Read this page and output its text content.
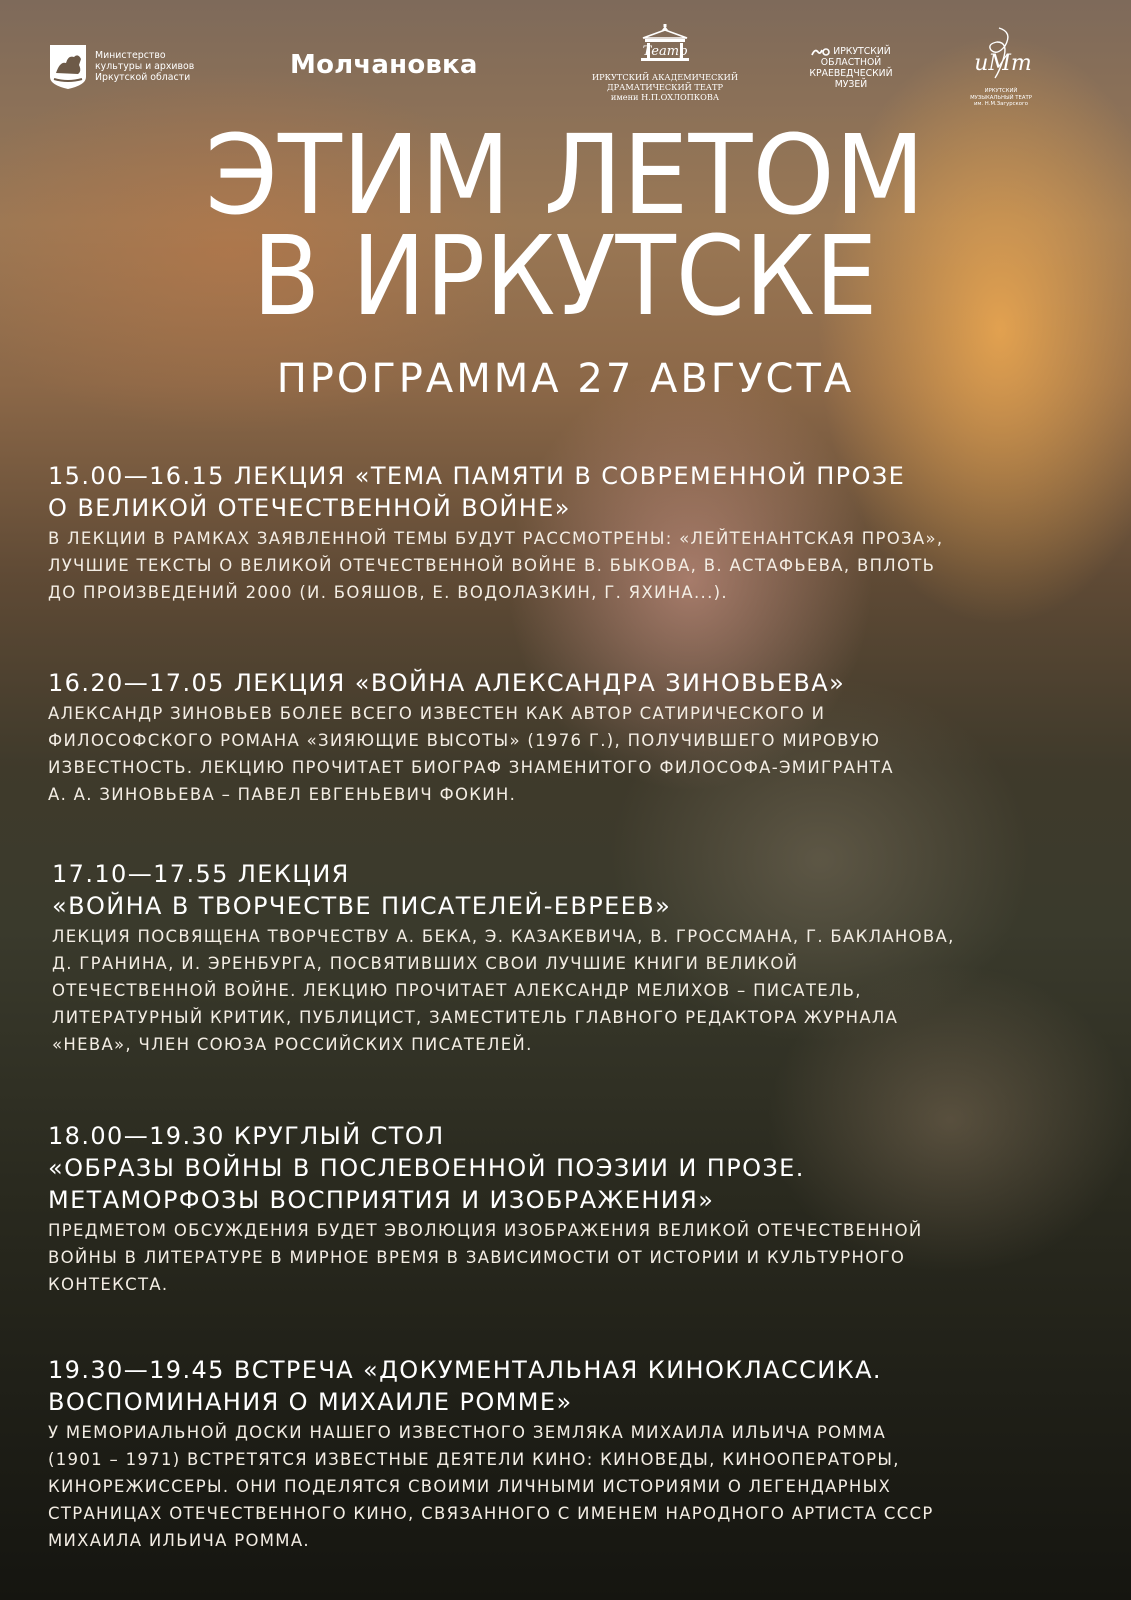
Министерство
культуры и архивов
Иркутской области	Молчановка	Театр
ИРКУТСКИЙ АКАДЕМИЧЕСКИЙ
ДРАМАТИЧЕСКИЙ ТЕАТР
имени Н.П.ОХЛОПКОВА
ИРКУТСКИЙ
ОБЛАСТНОЙ
КРАЕВЕДЧЕСКИЙ
МУЗЕЙ
иМт
ИРКУТСКИЙ
МУЗЫКАЛЬНЫЙ ТЕАТР
им. Н.М.Загурского
ЭТИМ ЛЕТОМ
В ИРКУТСКЕ
ПРОГРАММА 27 АВГУСТА
15.00—16.15 ЛЕКЦИЯ «ТЕМА ПАМЯТИ В СОВРЕМЕННОЙ ПРОЗЕ
О ВЕЛИКОЙ ОТЕЧЕСТВЕННОЙ ВОЙНЕ»
В ЛЕКЦИИ В РАМКАХ ЗАЯВЛЕННОЙ ТЕМЫ БУДУТ РАССМОТРЕНЫ: «ЛЕЙТЕНАНТСКАЯ ПРОЗА»,
ЛУЧШИЕ ТЕКСТЫ О ВЕЛИКОЙ ОТЕЧЕСТВЕННОЙ ВОЙНЕ В. БЫКОВА, В. АСТАФЬЕВА, ВПЛОТЬ
ДО ПРОИЗВЕДЕНИЙ 2000 (И. БОЯШОВ, Е. ВОДОЛАЗКИН, Г. ЯХИНА...).
16.20—17.05 ЛЕКЦИЯ «ВОЙНА АЛЕКСАНДРА ЗИНОВЬЕВА»
АЛЕКСАНДР ЗИНОВЬЕВ БОЛЕЕ ВСЕГО ИЗВЕСТЕН КАК АВТОР САТИРИЧЕСКОГО И
ФИЛОСОФСКОГО РОМАНА «ЗИЯЮЩИЕ ВЫСОТЫ» (1976 Г.), ПОЛУЧИВШЕГО МИРОВУЮ
ИЗВЕСТНОСТЬ. ЛЕКЦИЮ ПРОЧИТАЕТ БИОГРАФ ЗНАМЕНИТОГО ФИЛОСОФА-ЭМИГРАНТА
А. А. ЗИНОВЬЕВА – ПАВЕЛ ЕВГЕНЬЕВИЧ ФОКИН.
17.10—17.55 ЛЕКЦИЯ
«ВОЙНА В ТВОРЧЕСТВЕ ПИСАТЕЛЕЙ-ЕВРЕЕВ»
ЛЕКЦИЯ ПОСВЯЩЕНА ТВОРЧЕСТВУ А. БЕКА, Э. КАЗАКЕВИЧА, В. ГРОССМАНА, Г. БАКЛАНОВА,
Д. ГРАНИНА, И. ЭРЕНБУРГА, ПОСВЯТИВШИХ СВОИ ЛУЧШИЕ КНИГИ ВЕЛИКОЙ
ОТЕЧЕСТВЕННОЙ ВОЙНЕ. ЛЕКЦИЮ ПРОЧИТАЕТ АЛЕКСАНДР МЕЛИХОВ – ПИСАТЕЛЬ,
ЛИТЕРАТУРНЫЙ КРИТИК, ПУБЛИЦИСТ, ЗАМЕСТИТЕЛЬ ГЛАВНОГО РЕДАКТОРА ЖУРНАЛА
«НЕВА», ЧЛЕН СОЮЗА РОССИЙСКИХ ПИСАТЕЛЕЙ.
18.00—19.30 КРУГЛЫЙ СТОЛ
«ОБРАЗЫ ВОЙНЫ В ПОСЛЕВОЕННОЙ ПОЭЗИИ И ПРОЗЕ.
МЕТАМОРФОЗЫ ВОСПРИЯТИЯ И ИЗОБРАЖЕНИЯ»
ПРЕДМЕТОМ ОБСУЖДЕНИЯ БУДЕТ ЭВОЛЮЦИЯ ИЗОБРАЖЕНИЯ ВЕЛИКОЙ ОТЕЧЕСТВЕННОЙ
ВОЙНЫ В ЛИТЕРАТУРЕ В МИРНОЕ ВРЕМЯ В ЗАВИСИМОСТИ ОТ ИСТОРИИ И КУЛЬТУРНОГО
КОНТЕКСТА.
19.30—19.45 ВСТРЕЧА «ДОКУМЕНТАЛЬНАЯ КИНОКЛАССИКА.
ВОСПОМИНАНИЯ О МИХАИЛЕ РОММЕ»
У МЕМОРИАЛЬНОЙ ДОСКИ НАШЕГО ИЗВЕСТНОГО ЗЕМЛЯКА МИХАИЛА ИЛЬИЧА РОММА
(1901 – 1971) ВСТРЕТЯТСЯ ИЗВЕСТНЫЕ ДЕЯТЕЛИ КИНО: КИНОВЕДЫ, КИНООПЕРАТОРЫ,
КИНОРЕЖИССЕРЫ. ОНИ ПОДЕЛЯТСЯ СВОИМИ ЛИЧНЫМИ ИСТОРИЯМИ О ЛЕГЕНДАРНЫХ
СТРАНИЦАХ ОТЕЧЕСТВЕННОГО КИНО, СВЯЗАННОГО С ИМЕНЕМ НАРОДНОГО АРТИСТА СССР
МИХАИЛА ИЛЬИЧА РОММА.
